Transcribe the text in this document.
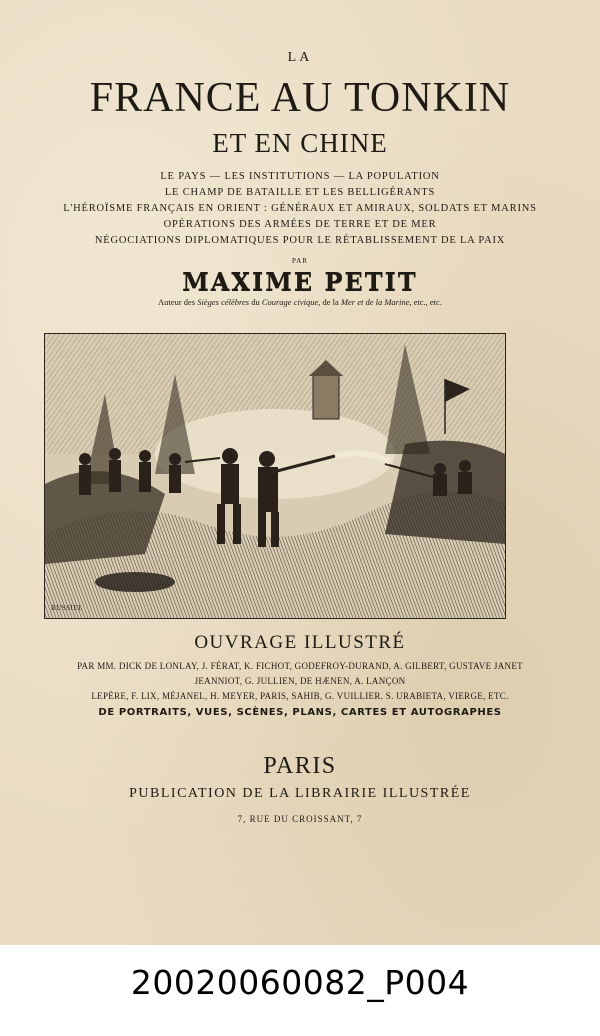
LA
FRANCE AU TONKIN
ET EN CHINE
LE PAYS — LES INSTITUTIONS — LA POPULATION
LE CHAMP DE BATAILLE ET LES BELLIGÉRANTS
L'HÉROÏSME FRANÇAIS EN ORIENT : GÉNÉRAUX ET AMIRAUX, SOLDATS ET MARINS
OPÉRATIONS DES ARMÉES DE TERRE ET DE MER
NÉGOCIATIONS DIPLOMATIQUES POUR LE RÉTABLISSEMENT DE LA PAIX
PAR
MAXIME PETIT
Auteur des Sièges célèbres du Courage civique, de la Mer et de la Marine, etc., etc.
RUSSIEL
OUVRAGE ILLUSTRÉ
PAR MM. DICK DE LONLAY, J. FÉRAT, K. FICHOT, GODEFROY-DURAND, A. GILBERT, GUSTAVE JANET
JEANNIOT, G. JULLIEN, DE HÆNEN, A. LANÇON
LEPÈRE, F. LIX, MÉJANEL, H. MEYER, PARIS, SAHIB, G. VUILLIER. S. URABIETA, VIERGE, ETC.
DE PORTRAITS, VUES, SCÈNES, PLANS, CARTES ET AUTOGRAPHES
PARIS
PUBLICATION DE LA LIBRAIRIE ILLUSTRÉE
7, RUE DU CROISSANT, 7
20020060082_P004
